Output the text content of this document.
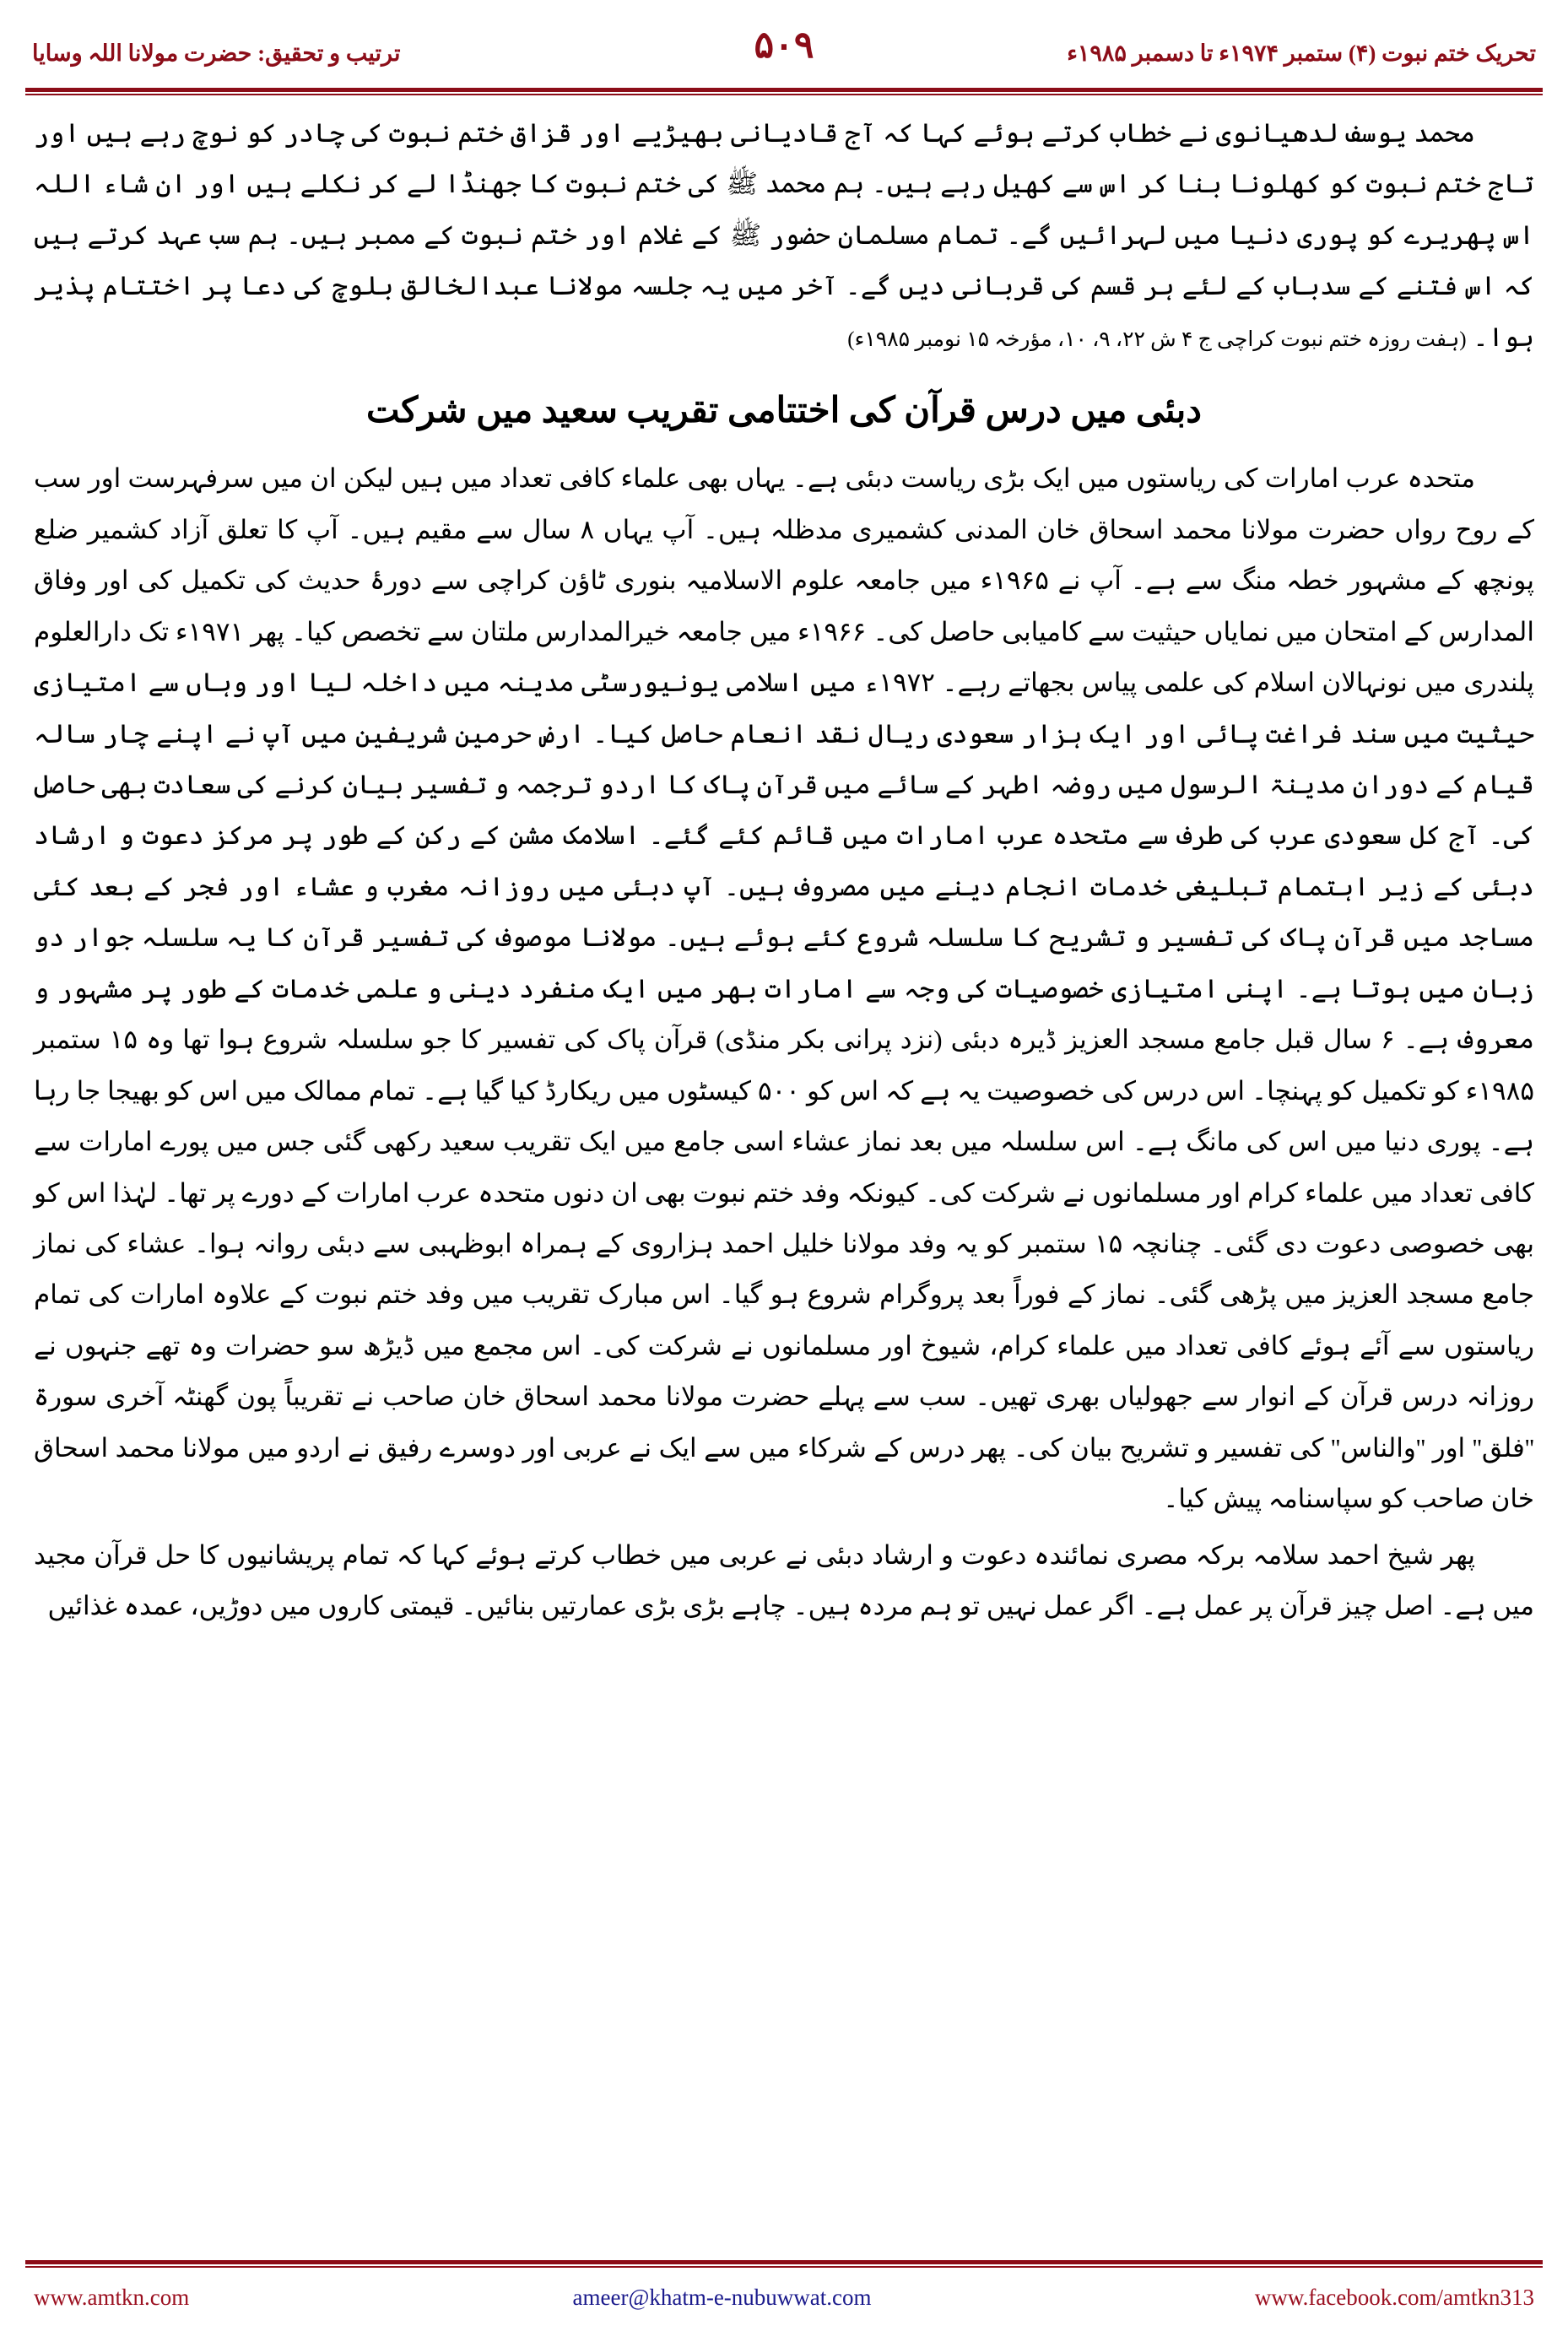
تحریک ختم نبوت (۴) ستمبر ۱۹۷۴ء تا دسمبر ۱۹۸۵ء
۵۰۹
ترتیب و تحقیق: حضرت مولانا اللہ وسایا

محمد یوسف لدھیانوی نے خطاب کرتے ہوئے کہا کہ آج قادیانی بھیڑیے اور قزاق ختم نبوت کی چادر کو نوچ رہے ہیں اور تاج ختم نبوت کو کھلونا بنا کر اس سے کھیل رہے ہیں۔ ہم محمد ﷺ کی ختم نبوت کا جھنڈا لے کر نکلے ہیں اور ان شاء اللہ اس پھریرے کو پوری دنیا میں لہرائیں گے۔ تمام مسلمان حضور ﷺ کے غلام اور ختم نبوت کے ممبر ہیں۔ ہم سب عہد کرتے ہیں کہ اس فتنے کے سدباب کے لئے ہر قسم کی قربانی دیں گے۔ آخر میں یہ جلسہ مولانا عبدالخالق بلوچ کی دعا پر اختتام پذیر ہوا۔ (ہفت روزہ ختم نبوت کراچی ج ۴ ش ۲۲، ۹، ۱۰، مؤرخہ ۱۵ نومبر ۱۹۸۵ء)

دبئی میں درس قرآن کی اختتامی تقریب سعید میں شرکت

متحدہ عرب امارات کی ریاستوں میں ایک بڑی ریاست دبئی ہے۔ یہاں بھی علماء کافی تعداد میں ہیں لیکن ان میں سرفہرست اور سب کے روح رواں حضرت مولانا محمد اسحاق خان المدنی کشمیری مدظلہ ہیں۔ آپ یہاں ۸ سال سے مقیم ہیں۔ آپ کا تعلق آزاد کشمیر ضلع پونچھ کے مشہور خطہ منگ سے ہے۔ آپ نے ۱۹۶۵ء میں جامعہ علوم الاسلامیہ بنوری ٹاؤن کراچی سے دورۂ حدیث کی تکمیل کی اور وفاق المدارس کے امتحان میں نمایاں حیثیت سے کامیابی حاصل کی۔ ۱۹۶۶ء میں جامعہ خیرالمدارس ملتان سے تخصص کیا۔ پھر ۱۹۷۱ء تک دارالعلوم پلندری میں نونہالان اسلام کی علمی پیاس بجھاتے رہے۔ ۱۹۷۲ء میں اسلامی یونیورسٹی مدینہ میں داخلہ لیا اور وہاں سے امتیازی حیثیت میں سند فراغت پائی اور ایک ہزار سعودی ریال نقد انعام حاصل کیا۔ ارض حرمین شریفین میں آپ نے اپنے چار سالہ قیام کے دوران مدینۃ الرسول میں روضہ اطہر کے سائے میں قرآن پاک کا اردو ترجمہ و تفسیر بیان کرنے کی سعادت بھی حاصل کی۔ آج کل سعودی عرب کی طرف سے متحدہ عرب امارات میں قائم کئے گئے۔ اسلامک مشن کے رکن کے طور پر مرکز دعوت و ارشاد دبئی کے زیر اہتمام تبلیغی خدمات انجام دینے میں مصروف ہیں۔ آپ دبئی میں روزانہ مغرب و عشاء اور فجر کے بعد کئی مساجد میں قرآن پاک کی تفسیر و تشریح کا سلسلہ شروع کئے ہوئے ہیں۔ مولانا موصوف کی تفسیر قرآن کا یہ سلسلہ جوار دو زبان میں ہوتا ہے۔ اپنی امتیازی خصوصیات کی وجہ سے امارات بھر میں ایک منفرد دینی و علمی خدمات کے طور پر مشہور و معروف ہے۔ ۶ سال قبل جامع مسجد العزیز ڈیرہ دبئی (نزد پرانی بکر منڈی) قرآن پاک کی تفسیر کا جو سلسلہ شروع ہوا تھا وہ ۱۵ ستمبر ۱۹۸۵ء کو تکمیل کو پہنچا۔ اس درس کی خصوصیت یہ ہے کہ اس کو ۵۰۰ کیسٹوں میں ریکارڈ کیا گیا ہے۔ تمام ممالک میں اس کو بھیجا جا رہا ہے۔ پوری دنیا میں اس کی مانگ ہے۔ اس سلسلہ میں بعد نماز عشاء اسی جامع میں ایک تقریب سعید رکھی گئی جس میں پورے امارات سے کافی تعداد میں علماء کرام اور مسلمانوں نے شرکت کی۔ کیونکہ وفد ختم نبوت بھی ان دنوں متحدہ عرب امارات کے دورے پر تھا۔ لہٰذا اس کو بھی خصوصی دعوت دی گئی۔ چنانچہ ۱۵ ستمبر کو یہ وفد مولانا خلیل احمد ہزاروی کے ہمراہ ابوظہبی سے دبئی روانہ ہوا۔ عشاء کی نماز جامع مسجد العزیز میں پڑھی گئی۔ نماز کے فوراً بعد پروگرام شروع ہو گیا۔ اس مبارک تقریب میں وفد ختم نبوت کے علاوہ امارات کی تمام ریاستوں سے آئے ہوئے کافی تعداد میں علماء کرام، شیوخ اور مسلمانوں نے شرکت کی۔ اس مجمع میں ڈیڑھ سو حضرات وہ تھے جنہوں نے روزانہ درس قرآن کے انوار سے جھولیاں بھری تھیں۔ سب سے پہلے حضرت مولانا محمد اسحاق خان صاحب نے تقریباً پون گھنٹہ آخری سورۃ ''فلق'' اور ''والناس'' کی تفسیر و تشریح بیان کی۔ پھر درس کے شرکاء میں سے ایک نے عربی اور دوسرے رفیق نے اردو میں مولانا محمد اسحاق خان صاحب کو سپاسنامہ پیش کیا۔

پھر شیخ احمد سلامہ برکہ مصری نمائندہ دعوت و ارشاد دبئی نے عربی میں خطاب کرتے ہوئے کہا کہ تمام پریشانیوں کا حل قرآن مجید میں ہے۔ اصل چیز قرآن پر عمل ہے۔ اگر عمل نہیں تو ہم مردہ ہیں۔ چاہے بڑی بڑی عمارتیں بنائیں۔ قیمتی کاروں میں دوڑیں، عمدہ غذائیں

www.amtkn.com	ameer@khatm-e-nubuwwat.com	www.facebook.com/amtkn313
